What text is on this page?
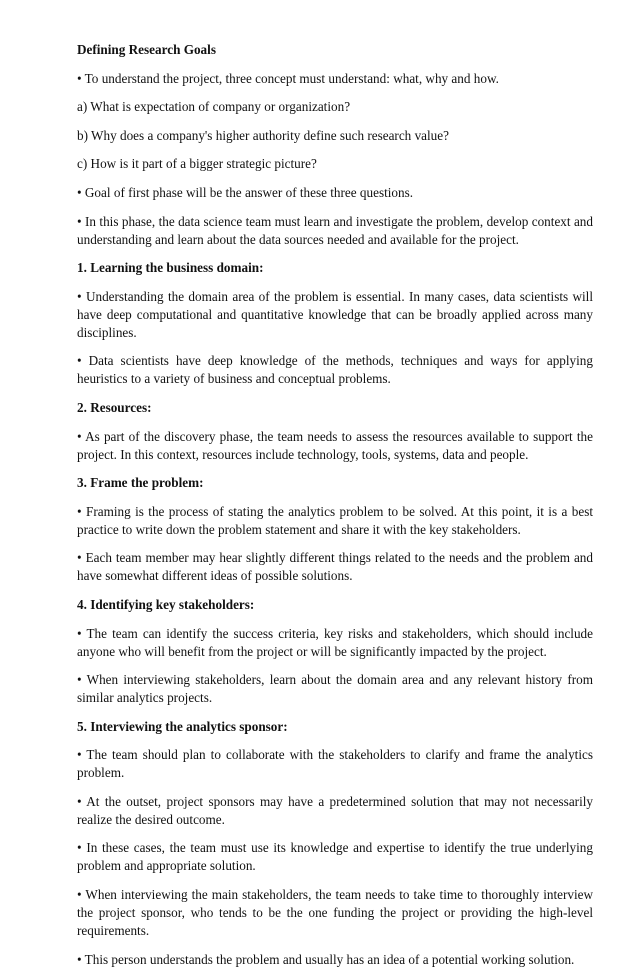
Defining Research Goals

• To understand the project, three concept must understand: what, why and how.

a) What is expectation of company or organization?

b) Why does a company's higher authority define such research value?

c) How is it part of a bigger strategic picture?

• Goal of first phase will be the answer of these three questions.

• In this phase, the data science team must learn and investigate the problem, develop context and understanding and learn about the data sources needed and available for the project.

1. Learning the business domain:

• Understanding the domain area of the problem is essential. In many cases, data scientists will have deep computational and quantitative knowledge that can be broadly applied across many disciplines.

• Data scientists have deep knowledge of the methods, techniques and ways for applying heuristics to a variety of business and conceptual problems.

2. Resources:

• As part of the discovery phase, the team needs to assess the resources available to support the project. In this context, resources include technology, tools, systems, data and people.

3. Frame the problem:

• Framing is the process of stating the analytics problem to be solved. At this point, it is a best practice to write down the problem statement and share it with the key stakeholders.

• Each team member may hear slightly different things related to the needs and the problem and have somewhat different ideas of possible solutions.

4. Identifying key stakeholders:

• The team can identify the success criteria, key risks and stakeholders, which should include anyone who will benefit from the project or will be significantly impacted by the project.

• When interviewing stakeholders, learn about the domain area and any relevant history from similar analytics projects.

5. Interviewing the analytics sponsor:

• The team should plan to collaborate with the stakeholders to clarify and frame the analytics problem.

• At the outset, project sponsors may have a predetermined solution that may not necessarily realize the desired outcome.

• In these cases, the team must use its knowledge and expertise to identify the true underlying problem and appropriate solution.

• When interviewing the main stakeholders, the team needs to take time to thoroughly interview the project sponsor, who tends to be the one funding the project or providing the high-level requirements.

• This person understands the problem and usually has an idea of a potential working solution.
